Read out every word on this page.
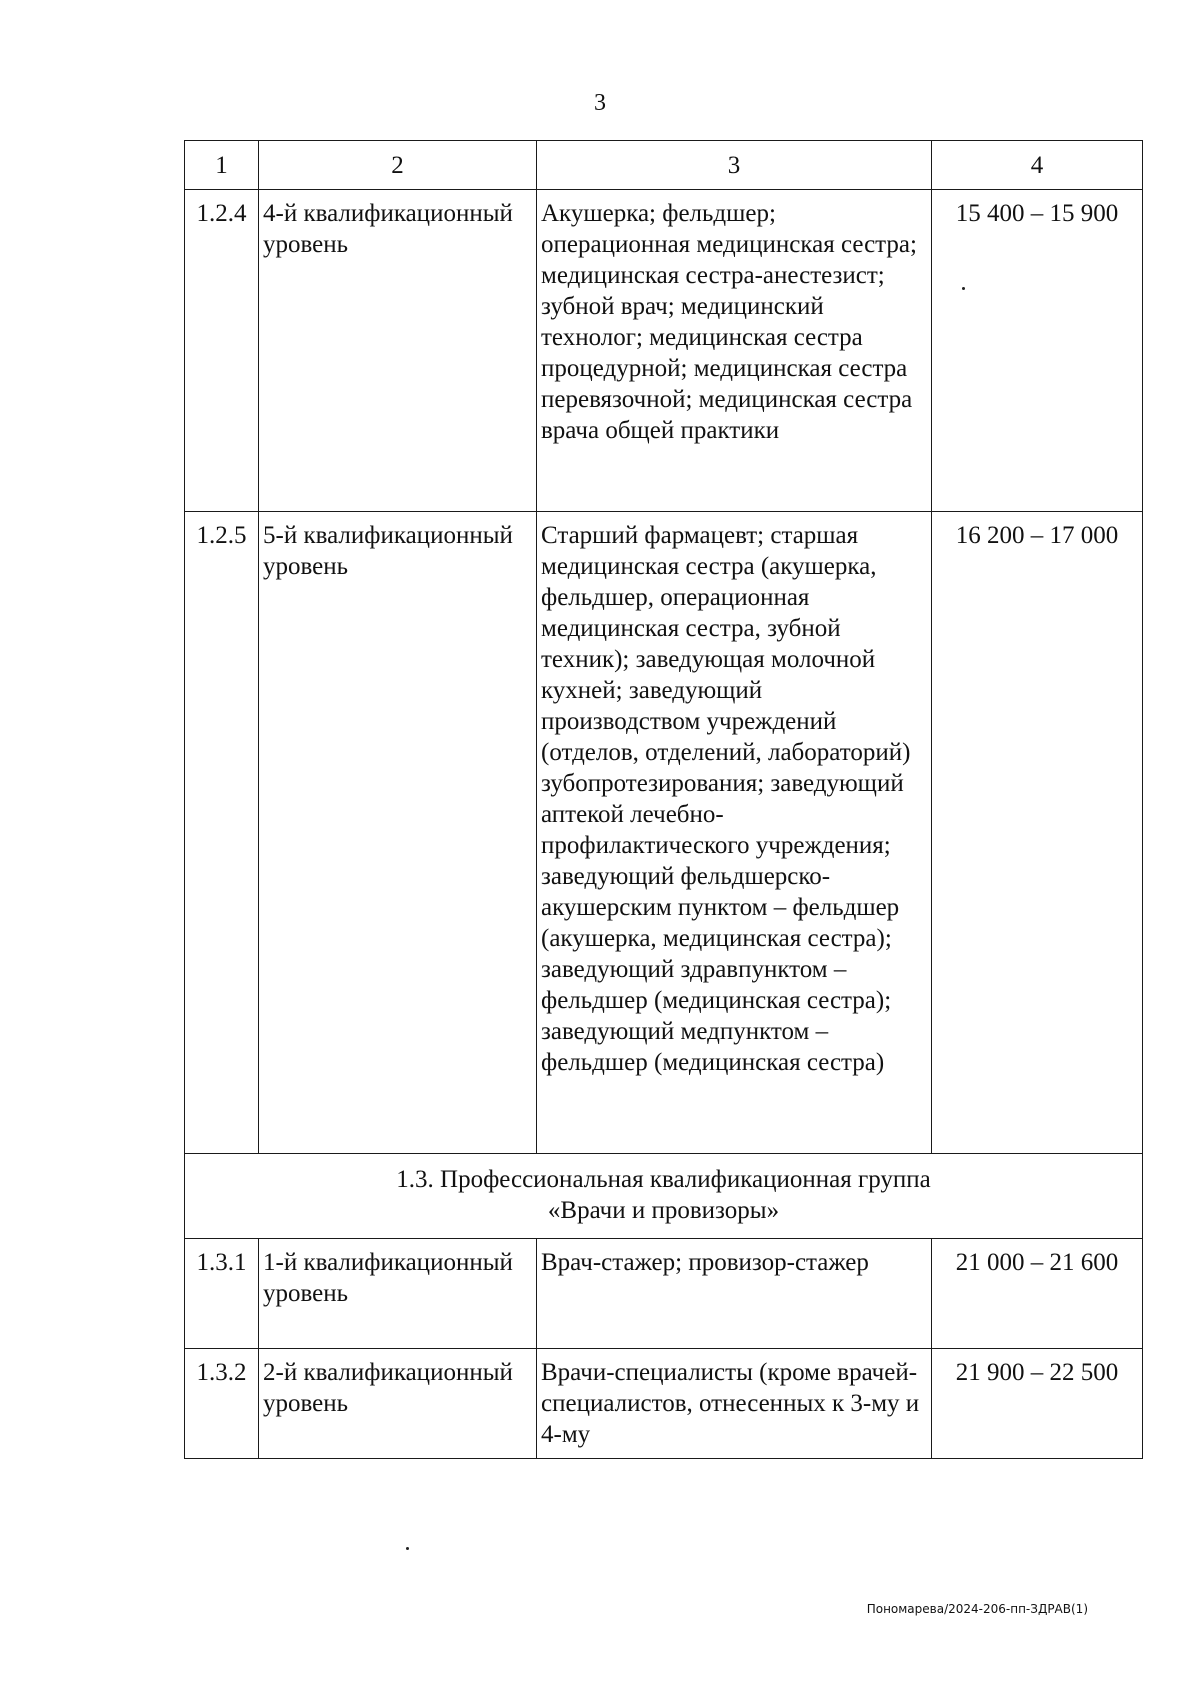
3
1	2	3	4
1.2.4	4-й квалификационный уровень	Акушерка; фельдшер; операционная медицинская сестра; медицинская сестра-анестезист; зубной врач; медицинский технолог; медицинская сестра процедурной; медицинская сестра перевязочной; медицинская сестра врача общей практики	15 400 – 15 900
1.2.5	5-й квалификационный уровень	Старший фармацевт; старшая медицинская сестра (акушерка, фельдшер, операционная медицинская сестра, зубной техник); заведующая молочной кухней; заведующий производством учреждений (отделов, отделений, лабораторий) зубопротезирования; заведующий аптекой лечебно-профилактического учреждения; заведующий фельдшерско-акушерским пунктом – фельдшер (акушерка, медицинская сестра); заведующий здравпунктом – фельдшер (медицинская сестра); заведующий медпунктом – фельдшер (медицинская сестра)	16 200 – 17 000

1.3. Профессиональная квалификационная группа
«Врачи и провизоры»			

1.3.1	1-й квалификационный уровень	Врач-стажер; провизор-стажер	21 000 – 21 600
1.3.2	2-й квалификационный уровень	Врачи-специалисты (кроме врачей-специалистов, отнесенных к 3-му и 4-му	21 900 – 22 500
Пономарева/2024-206-пп-ЗДРАВ(1)
